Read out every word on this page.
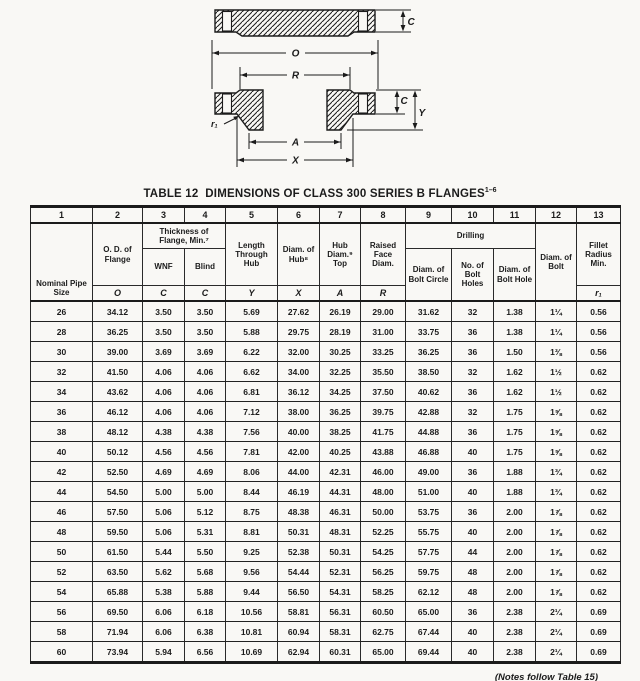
C
O
R
r₁
C
Y
A
X
TABLE 12  DIMENSIONS OF CLASS 300 SERIES B FLANGES$^{1-6}$
1	2	3	4	5	6	7	8	9	10	11	12	13
Nominal Pipe Size	O. D. of Flange	Thickness of Flange, Min.⁷		Length Through Hub	Diam. of Hub⁸	Hub Diam.⁹ Top	Raised Face Diam.	Drilling			Diam. of Bolt	Fillet Radius Min.
		WNF	Blind					Diam. of Bolt Circle	No. of Bolt Holes	Diam. of Bolt Hole		
	O	C	C	Y	X	A	R					r₁
26	34.12	3.50	3.50	5.69	27.62	26.19	29.00	31.62	32	1.38	1¼	0.56
28	36.25	3.50	3.50	5.88	29.75	28.19	31.00	33.75	36	1.38	1¼	0.56
30	39.00	3.69	3.69	6.22	32.00	30.25	33.25	36.25	36	1.50	1⅜	0.56
32	41.50	4.06	4.06	6.62	34.00	32.25	35.50	38.50	32	1.62	1½	0.62
34	43.62	4.06	4.06	6.81	36.12	34.25	37.50	40.62	36	1.62	1½	0.62
36	46.12	4.06	4.06	7.12	38.00	36.25	39.75	42.88	32	1.75	1⅝	0.62
38	48.12	4.38	4.38	7.56	40.00	38.25	41.75	44.88	36	1.75	1⅝	0.62
40	50.12	4.56	4.56	7.81	42.00	40.25	43.88	46.88	40	1.75	1⅝	0.62
42	52.50	4.69	4.69	8.06	44.00	42.31	46.00	49.00	36	1.88	1¾	0.62
44	54.50	5.00	5.00	8.44	46.19	44.31	48.00	51.00	40	1.88	1¾	0.62
46	57.50	5.06	5.12	8.75	48.38	46.31	50.00	53.75	36	2.00	1⅞	0.62
48	59.50	5.06	5.31	8.81	50.31	48.31	52.25	55.75	40	2.00	1⅞	0.62
50	61.50	5.44	5.50	9.25	52.38	50.31	54.25	57.75	44	2.00	1⅞	0.62
52	63.50	5.62	5.68	9.56	54.44	52.31	56.25	59.75	48	2.00	1⅞	0.62
54	65.88	5.38	5.88	9.44	56.50	54.31	58.25	62.12	48	2.00	1⅞	0.62
56	69.50	6.06	6.18	10.56	58.81	56.31	60.50	65.00	36	2.38	2¼	0.69
58	71.94	6.06	6.38	10.81	60.94	58.31	62.75	67.44	40	2.38	2¼	0.69
60	73.94	5.94	6.56	10.69	62.94	60.31	65.00	69.44	40	2.38	2¼	0.69
(Notes follow Table 15)
